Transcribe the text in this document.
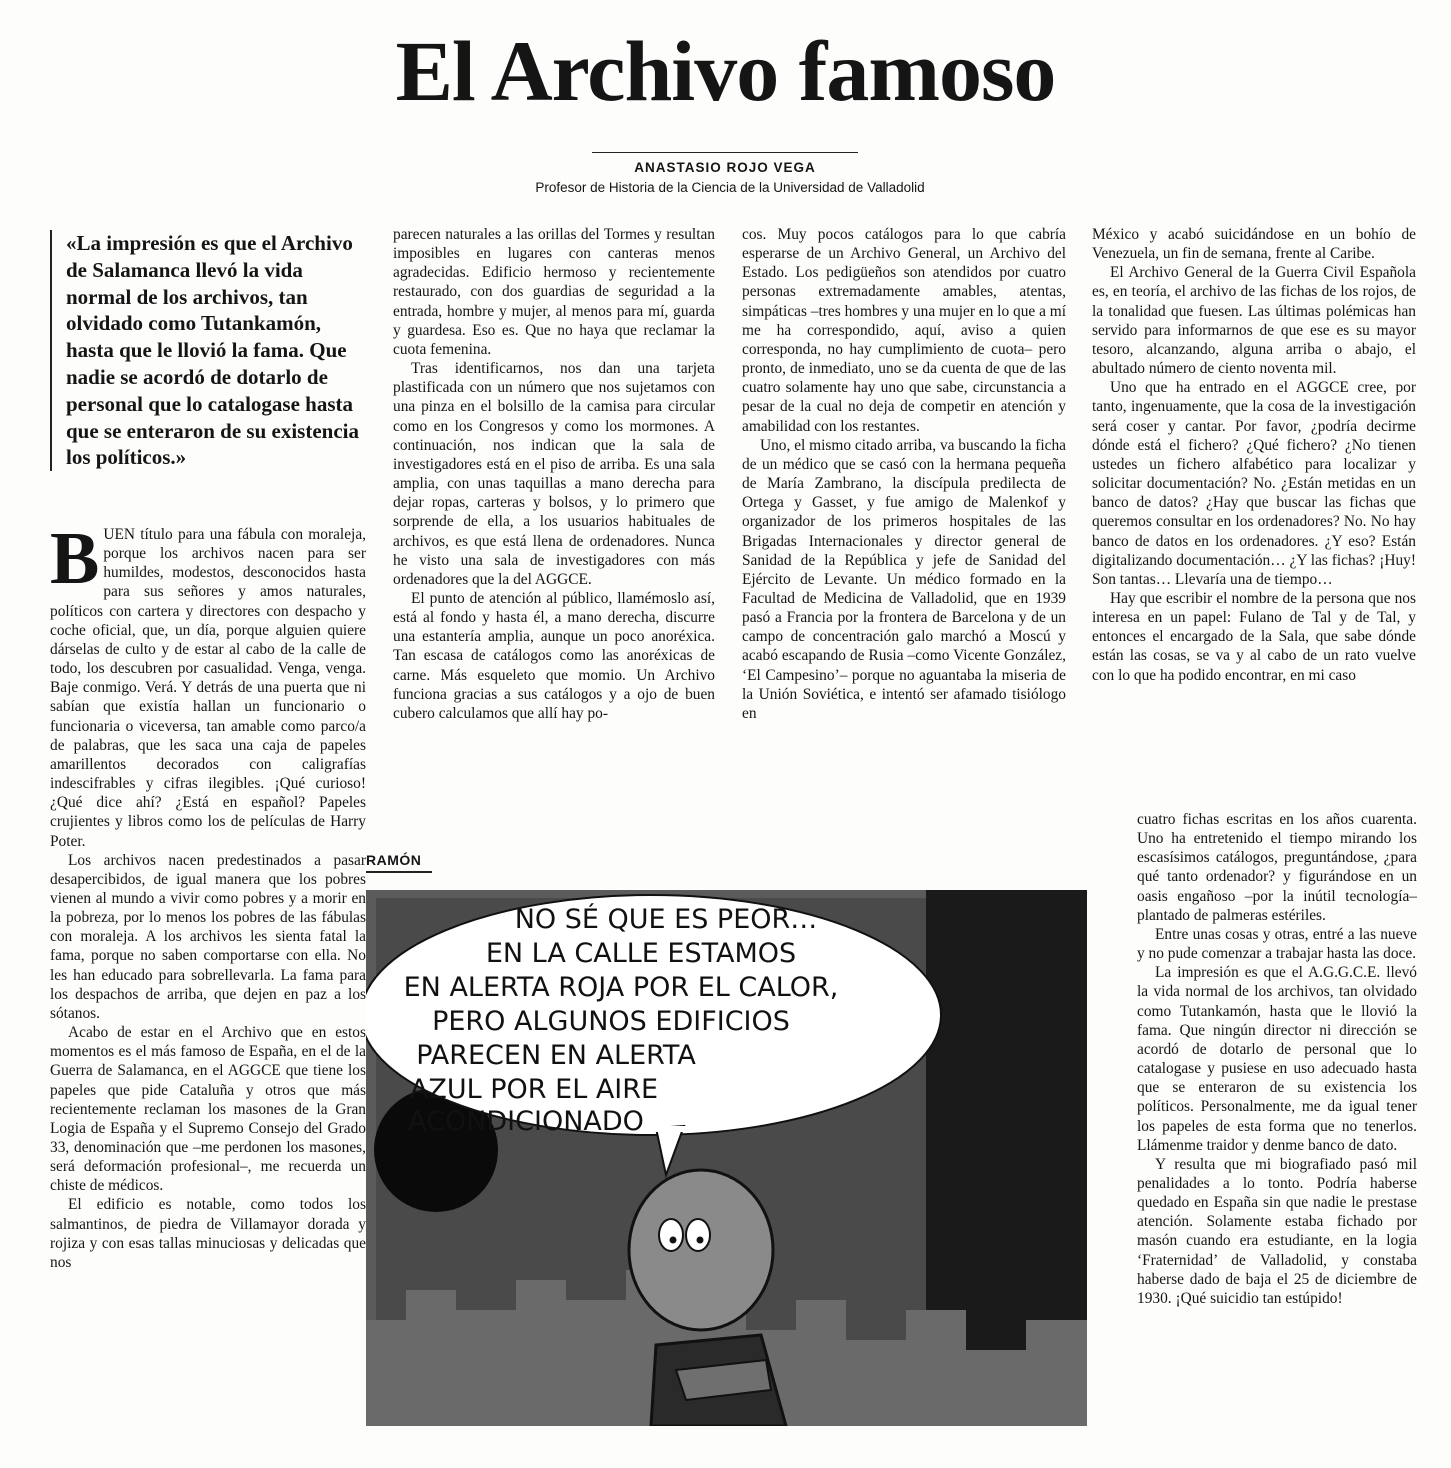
El Archivo famoso
ANASTASIO ROJO VEGA
Profesor de Historia de la Ciencia de la Universidad de Valladolid
«La impresión es que el Archivo de Salamanca llevó la vida normal de los archivos, tan olvidado como Tutankamón, hasta que le llovió la fama. Que nadie se acordó de dotarlo de personal que lo catalogase hasta que se enteraron de su existencia los políticos.»

BUEN título para una fábula con moraleja, porque los archivos nacen para ser humildes, modestos, desconocidos hasta para sus señores y amos naturales, políticos con cartera y directores con despacho y coche oficial, que, un día, porque alguien quiere dárselas de culto y de estar al cabo de la calle de todo, los descubren por casualidad. Venga, venga. Baje conmigo. Verá. Y detrás de una puerta que ni sabían que existía hallan un funcionario o funcionaria o viceversa, tan amable como parco/a de palabras, que les saca una caja de papeles amarillentos decorados con caligrafías indescifrables y cifras ilegibles. ¡Qué curioso! ¿Qué dice ahí? ¿Está en español? Papeles crujientes y libros como los de películas de Harry Poter.

Los archivos nacen predestinados a pasar desapercibidos, de igual manera que los pobres vienen al mundo a vivir como pobres y a morir en la pobreza, por lo menos los pobres de las fábulas con moraleja. A los archivos les sienta fatal la fama, porque no saben comportarse con ella. No les han educado para sobrellevarla. La fama para los despachos de arriba, que dejen en paz a los sótanos.

Acabo de estar en el Archivo que en estos momentos es el más famoso de España, en el de la Guerra de Salamanca, en el AGGCE que tiene los papeles que pide Cataluña y otros que más recientemente reclaman los masones de la Gran Logia de España y el Supremo Consejo del Grado 33, denominación que –me perdonen los masones, será deformación profesional–, me recuerda un chiste de médicos.

El edificio es notable, como todos los salmantinos, de piedra de Villamayor dorada y rojiza y con esas tallas minuciosas y delicadas que nos

parecen naturales a las orillas del Tormes y resultan imposibles en lugares con canteras menos agradecidas. Edificio hermoso y recientemente restaurado, con dos guardias de seguridad a la entrada, hombre y mujer, al menos para mí, guarda y guardesa. Eso es. Que no haya que reclamar la cuota femenina.

Tras identificarnos, nos dan una tarjeta plastificada con un número que nos sujetamos con una pinza en el bolsillo de la camisa para circular como en los Congresos y como los mormones. A continuación, nos indican que la sala de investigadores está en el piso de arriba. Es una sala amplia, con unas taquillas a mano derecha para dejar ropas, carteras y bolsos, y lo primero que sorprende de ella, a los usuarios habituales de archivos, es que está llena de ordenadores. Nunca he visto una sala de investigadores con más ordenadores que la del AGGCE.

El punto de atención al público, llamémoslo así, está al fondo y hasta él, a mano derecha, discurre una estantería amplia, aunque un poco anoréxica. Tan escasa de catálogos como las anoréxicas de carne. Más esqueleto que momio. Un Archivo funciona gracias a sus catálogos y a ojo de buen cubero calculamos que allí hay po-

cos. Muy pocos catálogos para lo que cabría esperarse de un Archivo General, un Archivo del Estado. Los pedigüeños son atendidos por cuatro personas extremadamente amables, atentas, simpáticas –tres hombres y una mujer en lo que a mí me ha correspondido, aquí, aviso a quien corresponda, no hay cumplimiento de cuota– pero pronto, de inmediato, uno se da cuenta de que de las cuatro solamente hay uno que sabe, circunstancia a pesar de la cual no deja de competir en atención y amabilidad con los restantes.

Uno, el mismo citado arriba, va buscando la ficha de un médico que se casó con la hermana pequeña de María Zambrano, la discípula predilecta de Ortega y Gasset, y fue amigo de Malenkof y organizador de los primeros hospitales de las Brigadas Internacionales y director general de Sanidad de la República y jefe de Sanidad del Ejército de Levante. Un médico formado en la Facultad de Medicina de Valladolid, que en 1939 pasó a Francia por la frontera de Barcelona y de un campo de concentración galo marchó a Moscú y acabó escapando de Rusia –como Vicente González, ‘El Campesino’– porque no aguantaba la miseria de la Unión Soviética, e intentó ser afamado tisiólogo en

México y acabó suicidándose en un bohío de Venezuela, un fin de semana, frente al Caribe.

El Archivo General de la Guerra Civil Española es, en teoría, el archivo de las fichas de los rojos, de la tonalidad que fuesen. Las últimas polémicas han servido para informarnos de que ese es su mayor tesoro, alcanzando, alguna arriba o abajo, el abultado número de ciento noventa mil.

Uno que ha entrado en el AGGCE cree, por tanto, ingenuamente, que la cosa de la investigación será coser y cantar. Por favor, ¿podría decirme dónde está el fichero? ¿Qué fichero? ¿No tienen ustedes un fichero alfabético para localizar y solicitar documentación? No. ¿Están metidas en un banco de datos? ¿Hay que buscar las fichas que queremos consultar en los ordenadores? No. No hay banco de datos en los ordenadores. ¿Y eso? Están digitalizando documentación… ¿Y las fichas? ¡Huy! Son tantas… Llevaría una de tiempo…

Hay que escribir el nombre de la persona que nos interesa en un papel: Fulano de Tal y de Tal, y entonces el encargado de la Sala, que sabe dónde están las cosas, se va y al cabo de un rato vuelve con lo que ha podido encontrar, en mi caso

cuatro fichas escritas en los años cuarenta. Uno ha entretenido el tiempo mirando los escasísimos catálogos, preguntándose, ¿para qué tanto ordenador? y figurándose en un oasis engañoso –por la inútil tecnología– plantado de palmeras estériles.

Entre unas cosas y otras, entré a las nueve y no pude comenzar a trabajar hasta las doce.

La impresión es que el A.G.G.C.E. llevó la vida normal de los archivos, tan olvidado como Tutankamón, hasta que le llovió la fama. Que ningún director ni dirección se acordó de dotarlo de personal que lo catalogase y pusiese en uso adecuado hasta que se enteraron de su existencia los políticos. Personalmente, me da igual tener los papeles de esta forma que no tenerlos. Llámenme traidor y denme banco de dato.

Y resulta que mi biografiado pasó mil penalidades a lo tonto. Podría haberse quedado en España sin que nadie le prestase atención. Solamente estaba fichado por masón cuando era estudiante, en la logia ‘Fraternidad’ de Valladolid, y constaba haberse dado de baja el 25 de diciembre de 1930. ¡Qué suicidio tan estúpido!

RAMÓN
NO SÉ QUE ES PEOR…
EN LA CALLE ESTAMOS
EN ALERTA ROJA POR EL CALOR,
PERO ALGUNOS EDIFICIOS
PARECEN EN ALERTA
AZUL POR EL AIRE
ACONDICIONADO
